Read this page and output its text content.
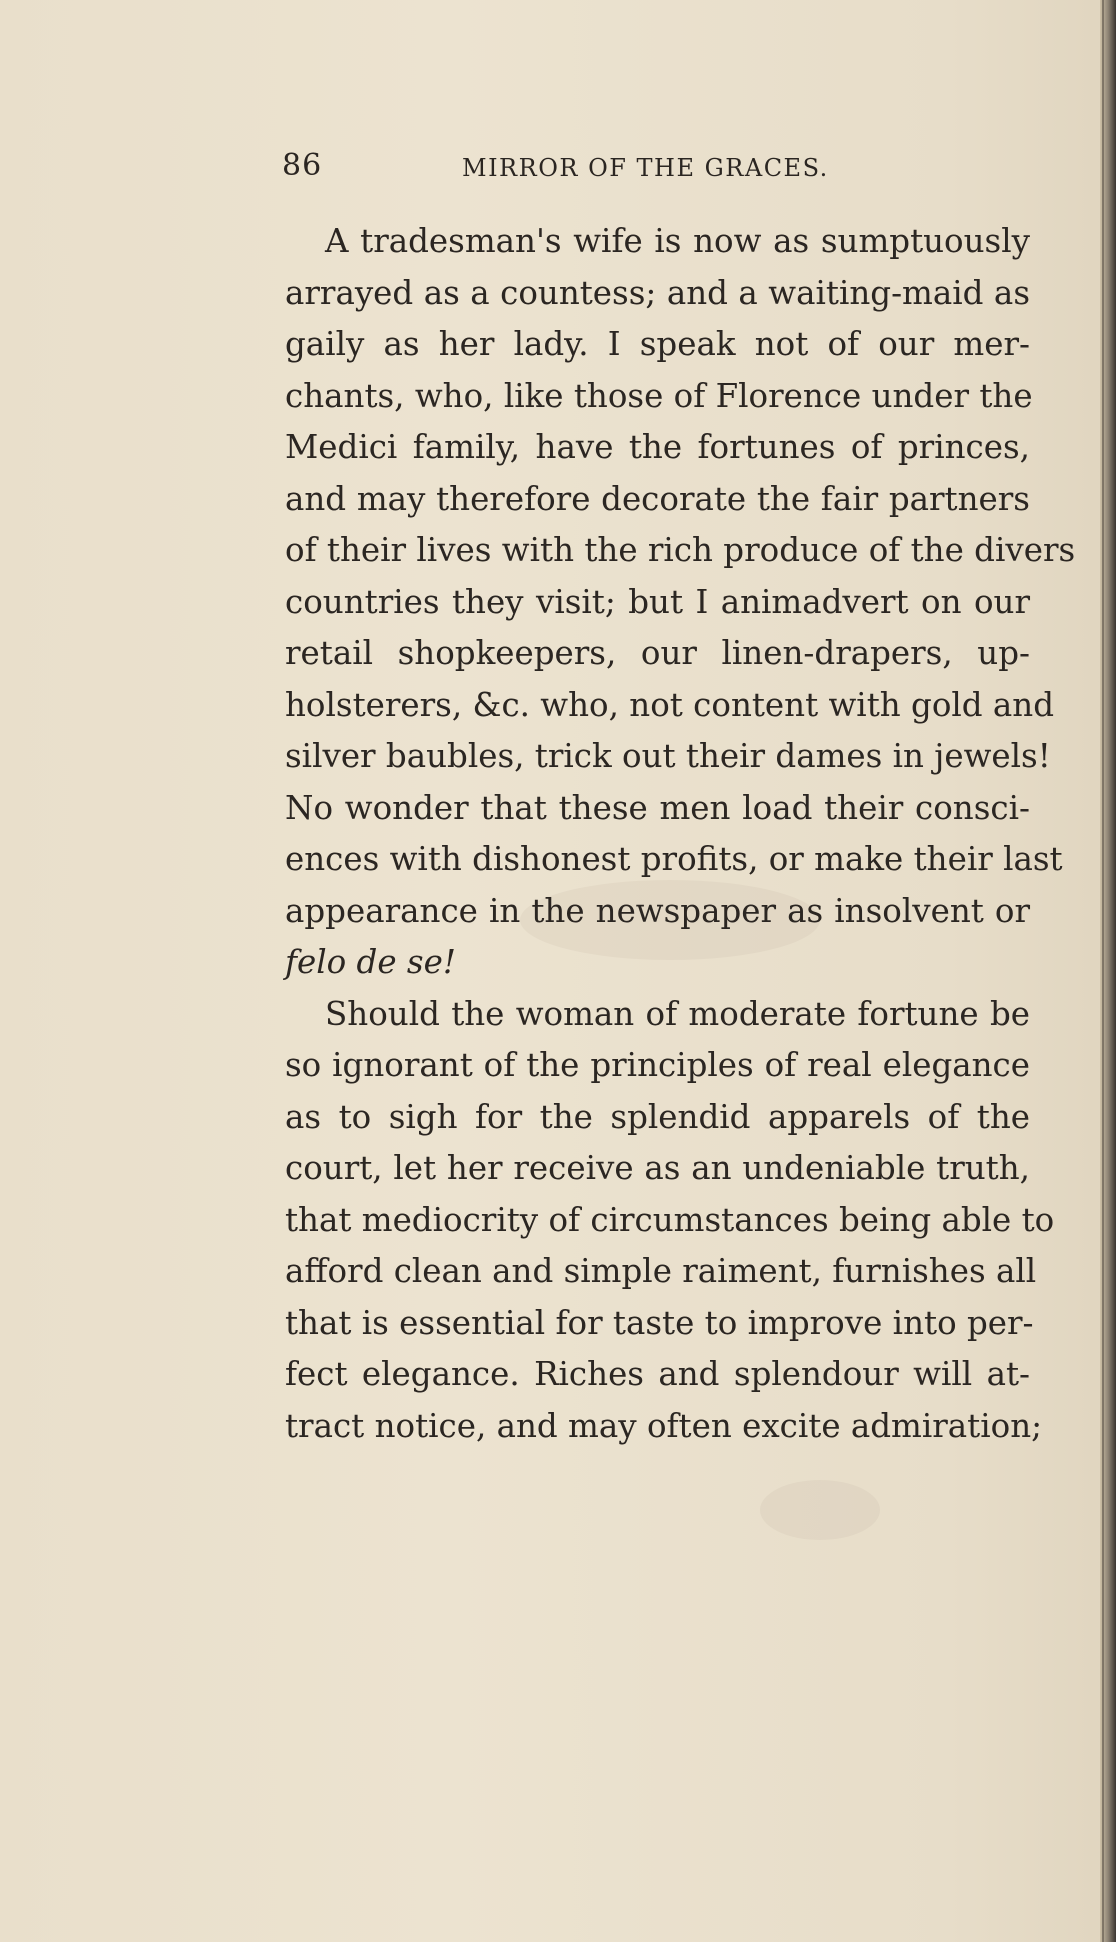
86	MIRROR OF THE GRACES.
A tradesman's wife is now as sumptuously
arrayed as a countess; and a waiting-maid as
gaily as her lady. I speak not of our mer-
chants, who, like those of Florence under the
Medici family, have the fortunes of princes,
and may therefore decorate the fair partners
of their lives with the rich produce of the divers
countries they visit; but I animadvert on our
retail shopkeepers, our linen-drapers, up-
holsterers, &c. who, not content with gold and
silver baubles, trick out their dames in jewels!
No wonder that these men load their consci-
ences with dishonest profits, or make their last
appearance in the newspaper as insolvent or
felo de se!
Should the woman of moderate fortune be
so ignorant of the principles of real elegance
as to sigh for the splendid apparels of the
court, let her receive as an undeniable truth,
that mediocrity of circumstances being able to
afford clean and simple raiment, furnishes all
that is essential for taste to improve into per-
fect elegance. Riches and splendour will at-
tract notice, and may often excite admiration;
